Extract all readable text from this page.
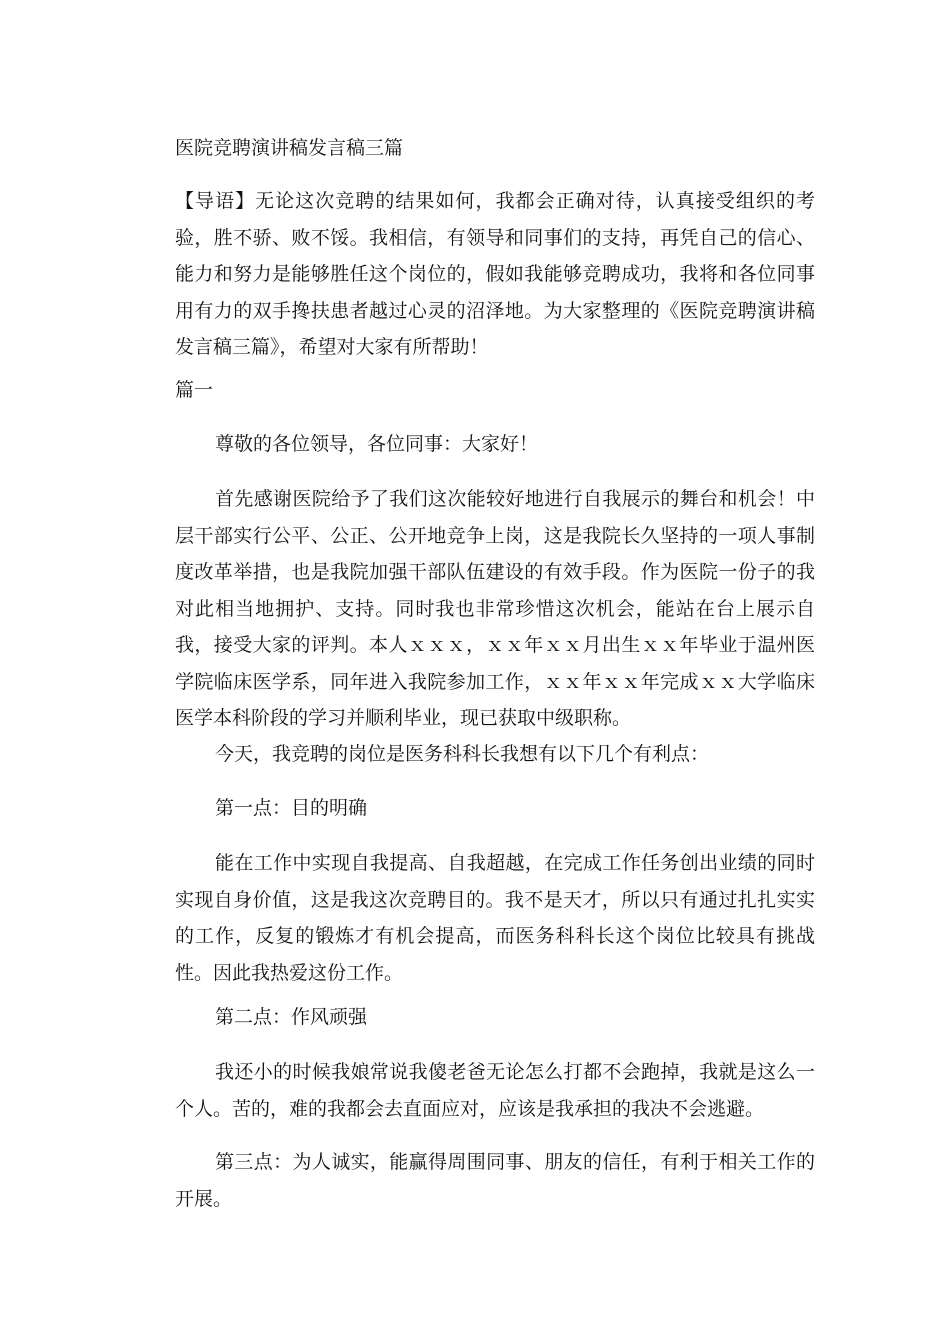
医院竞聘演讲稿发言稿三篇

【导语】无论这次竞聘的结果如何，我都会正确对待，认真接受组织的考验，胜不骄、败不馁。我相信，有领导和同事们的支持，再凭自己的信心、能力和努力是能够胜任这个岗位的，假如我能够竞聘成功，我将和各位同事用有力的双手搀扶患者越过心灵的沼泽地。为大家整理的《医院竞聘演讲稿发言稿三篇》，希望对大家有所帮助！

篇一

尊敬的各位领导，各位同事：大家好！

首先感谢医院给予了我们这次能较好地进行自我展示的舞台和机会！中层干部实行公平、公正、公开地竞争上岗，这是我院长久坚持的一项人事制度改革举措，也是我院加强干部队伍建设的有效手段。作为医院一份子的我对此相当地拥护、支持。同时我也非常珍惜这次机会，能站在台上展示自我，接受大家的评判。本人ｘｘｘ，ｘｘ年ｘｘ月出生ｘｘ年毕业于温州医学院临床医学系，同年进入我院参加工作，ｘｘ年ｘｘ年完成ｘｘ大学临床医学本科阶段的学习并顺利毕业，现已获取中级职称。

今天，我竞聘的岗位是医务科科长我想有以下几个有利点：

第一点：目的明确

能在工作中实现自我提高、自我超越，在完成工作任务创出业绩的同时实现自身价值，这是我这次竞聘目的。我不是天才，所以只有通过扎扎实实的工作，反复的锻炼才有机会提高，而医务科科长这个岗位比较具有挑战性。因此我热爱这份工作。

第二点：作风顽强

我还小的时候我娘常说我傻老爸无论怎么打都不会跑掉，我就是这么一个人。苦的，难的我都会去直面应对，应该是我承担的我决不会逃避。

第三点：为人诚实，能赢得周围同事、朋友的信任，有利于相关工作的开展。
